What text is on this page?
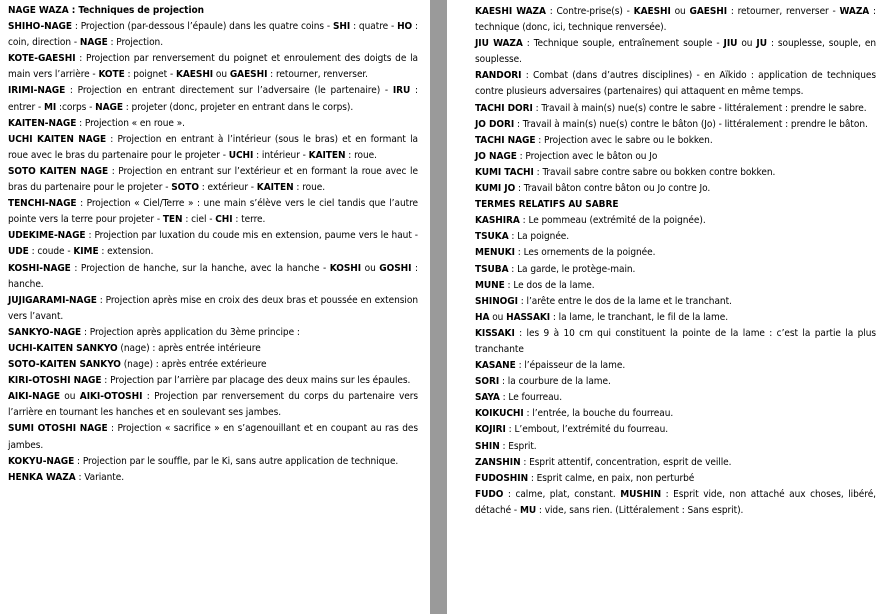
NAGE WAZA : Techniques de projection

SHIHO-NAGE : Projection (par-dessous l’épaule) dans les quatre coins - SHI : quatre - HO : coin, direction - NAGE : Projection.

KOTE-GAESHI : Projection par renversement du poignet et enroulement des doigts de la main vers l’arrière - KOTE : poignet - KAESHI ou GAESHI : retourner, renverser.

IRIMI-NAGE : Projection en entrant directement sur l’adversaire (le partenaire) - IRU : entrer - MI :corps - NAGE : projeter (donc, projeter en entrant dans le corps).

KAITEN-NAGE : Projection « en roue ».

UCHI KAITEN NAGE : Projection en entrant à l’intérieur (sous le bras) et en formant la roue avec le bras du partenaire pour le projeter - UCHI : intérieur - KAITEN : roue.

SOTO KAITEN NAGE : Projection en entrant sur l’extérieur et en formant la roue avec le bras du partenaire pour le projeter - SOTO : extérieur - KAITEN : roue.

TENCHI-NAGE : Projection « Ciel/Terre » : une main s’élève vers le ciel tandis que l’autre pointe vers la terre pour projeter - TEN : ciel - CHI : terre.

UDEKIME-NAGE : Projection par luxation du coude mis en extension, paume vers le haut - UDE : coude - KIME : extension.

KOSHI-NAGE : Projection de hanche, sur la hanche, avec la hanche - KOSHI ou GOSHI : hanche.

JUJIGARAMI-NAGE : Projection après mise en croix des deux bras et poussée en extension vers l’avant.

SANKYO-NAGE : Projection après application du 3ème principe :

UCHI-KAITEN SANKYO (nage) : après entrée intérieure

SOTO-KAITEN SANKYO (nage) : après entrée extérieure

KIRI-OTOSHI NAGE : Projection par l’arrière par placage des deux mains sur les épaules.

AIKI-NAGE ou AIKI-OTOSHI : Projection par renversement du corps du partenaire vers l’arrière en tournant les hanches et en soulevant ses jambes.

SUMI OTOSHI NAGE : Projection « sacrifice » en s’agenouillant et en coupant au ras des jambes.

KOKYU-NAGE : Projection par le souffle, par le Ki, sans autre application de technique.

HENKA WAZA : Variante.

KAESHI WAZA : Contre-prise(s) - KAESHI ou GAESHI : retourner, renverser - WAZA : technique (donc, ici, technique renversée).

JIU WAZA : Technique souple, entraînement souple - JIU ou JU : souplesse, souple, en souplesse.

RANDORI : Combat (dans d’autres disciplines) - en Aïkido : application de techniques contre plusieurs adversaires (partenaires) qui attaquent en même temps.

TACHI DORI : Travail à main(s) nue(s) contre le sabre - littéralement : prendre le sabre.

JO DORI : Travail à main(s) nue(s) contre le bâton (Jo) - littéralement : prendre le bâton.

TACHI NAGE : Projection avec le sabre ou le bokken.

JO NAGE : Projection avec le bâton ou Jo

KUMI TACHI : Travail sabre contre sabre ou bokken contre bokken.

KUMI JO : Travail bâton contre bâton ou Jo contre Jo.

TERMES RELATIFS AU SABRE

KASHIRA : Le pommeau (extrémité de la poignée).

TSUKA : La poignée.

MENUKI : Les ornements de la poignée.

TSUBA : La garde, le protège-main.

MUNE : Le dos de la lame.

SHINOGI : l’arête entre le dos de la lame et le tranchant.

HA ou HASSAKI : la lame, le tranchant, le fil de la lame.

KISSAKI : les 9 à 10 cm qui constituent la pointe de la lame : c’est la partie la plus tranchante

KASANE : l’épaisseur de la lame.

SORI : la courbure de la lame.

SAYA : Le fourreau.

KOIKUCHI : l’entrée, la bouche du fourreau.

KOJIRI : L’embout, l’extrémité du fourreau.

SHIN : Esprit.

ZANSHIN : Esprit attentif, concentration, esprit de veille.

FUDOSHIN : Esprit calme, en paix, non perturbé

FUDO : calme, plat, constant. MUSHIN : Esprit vide, non attaché aux choses, libéré, détaché - MU : vide, sans rien. (Littéralement : Sans esprit).
